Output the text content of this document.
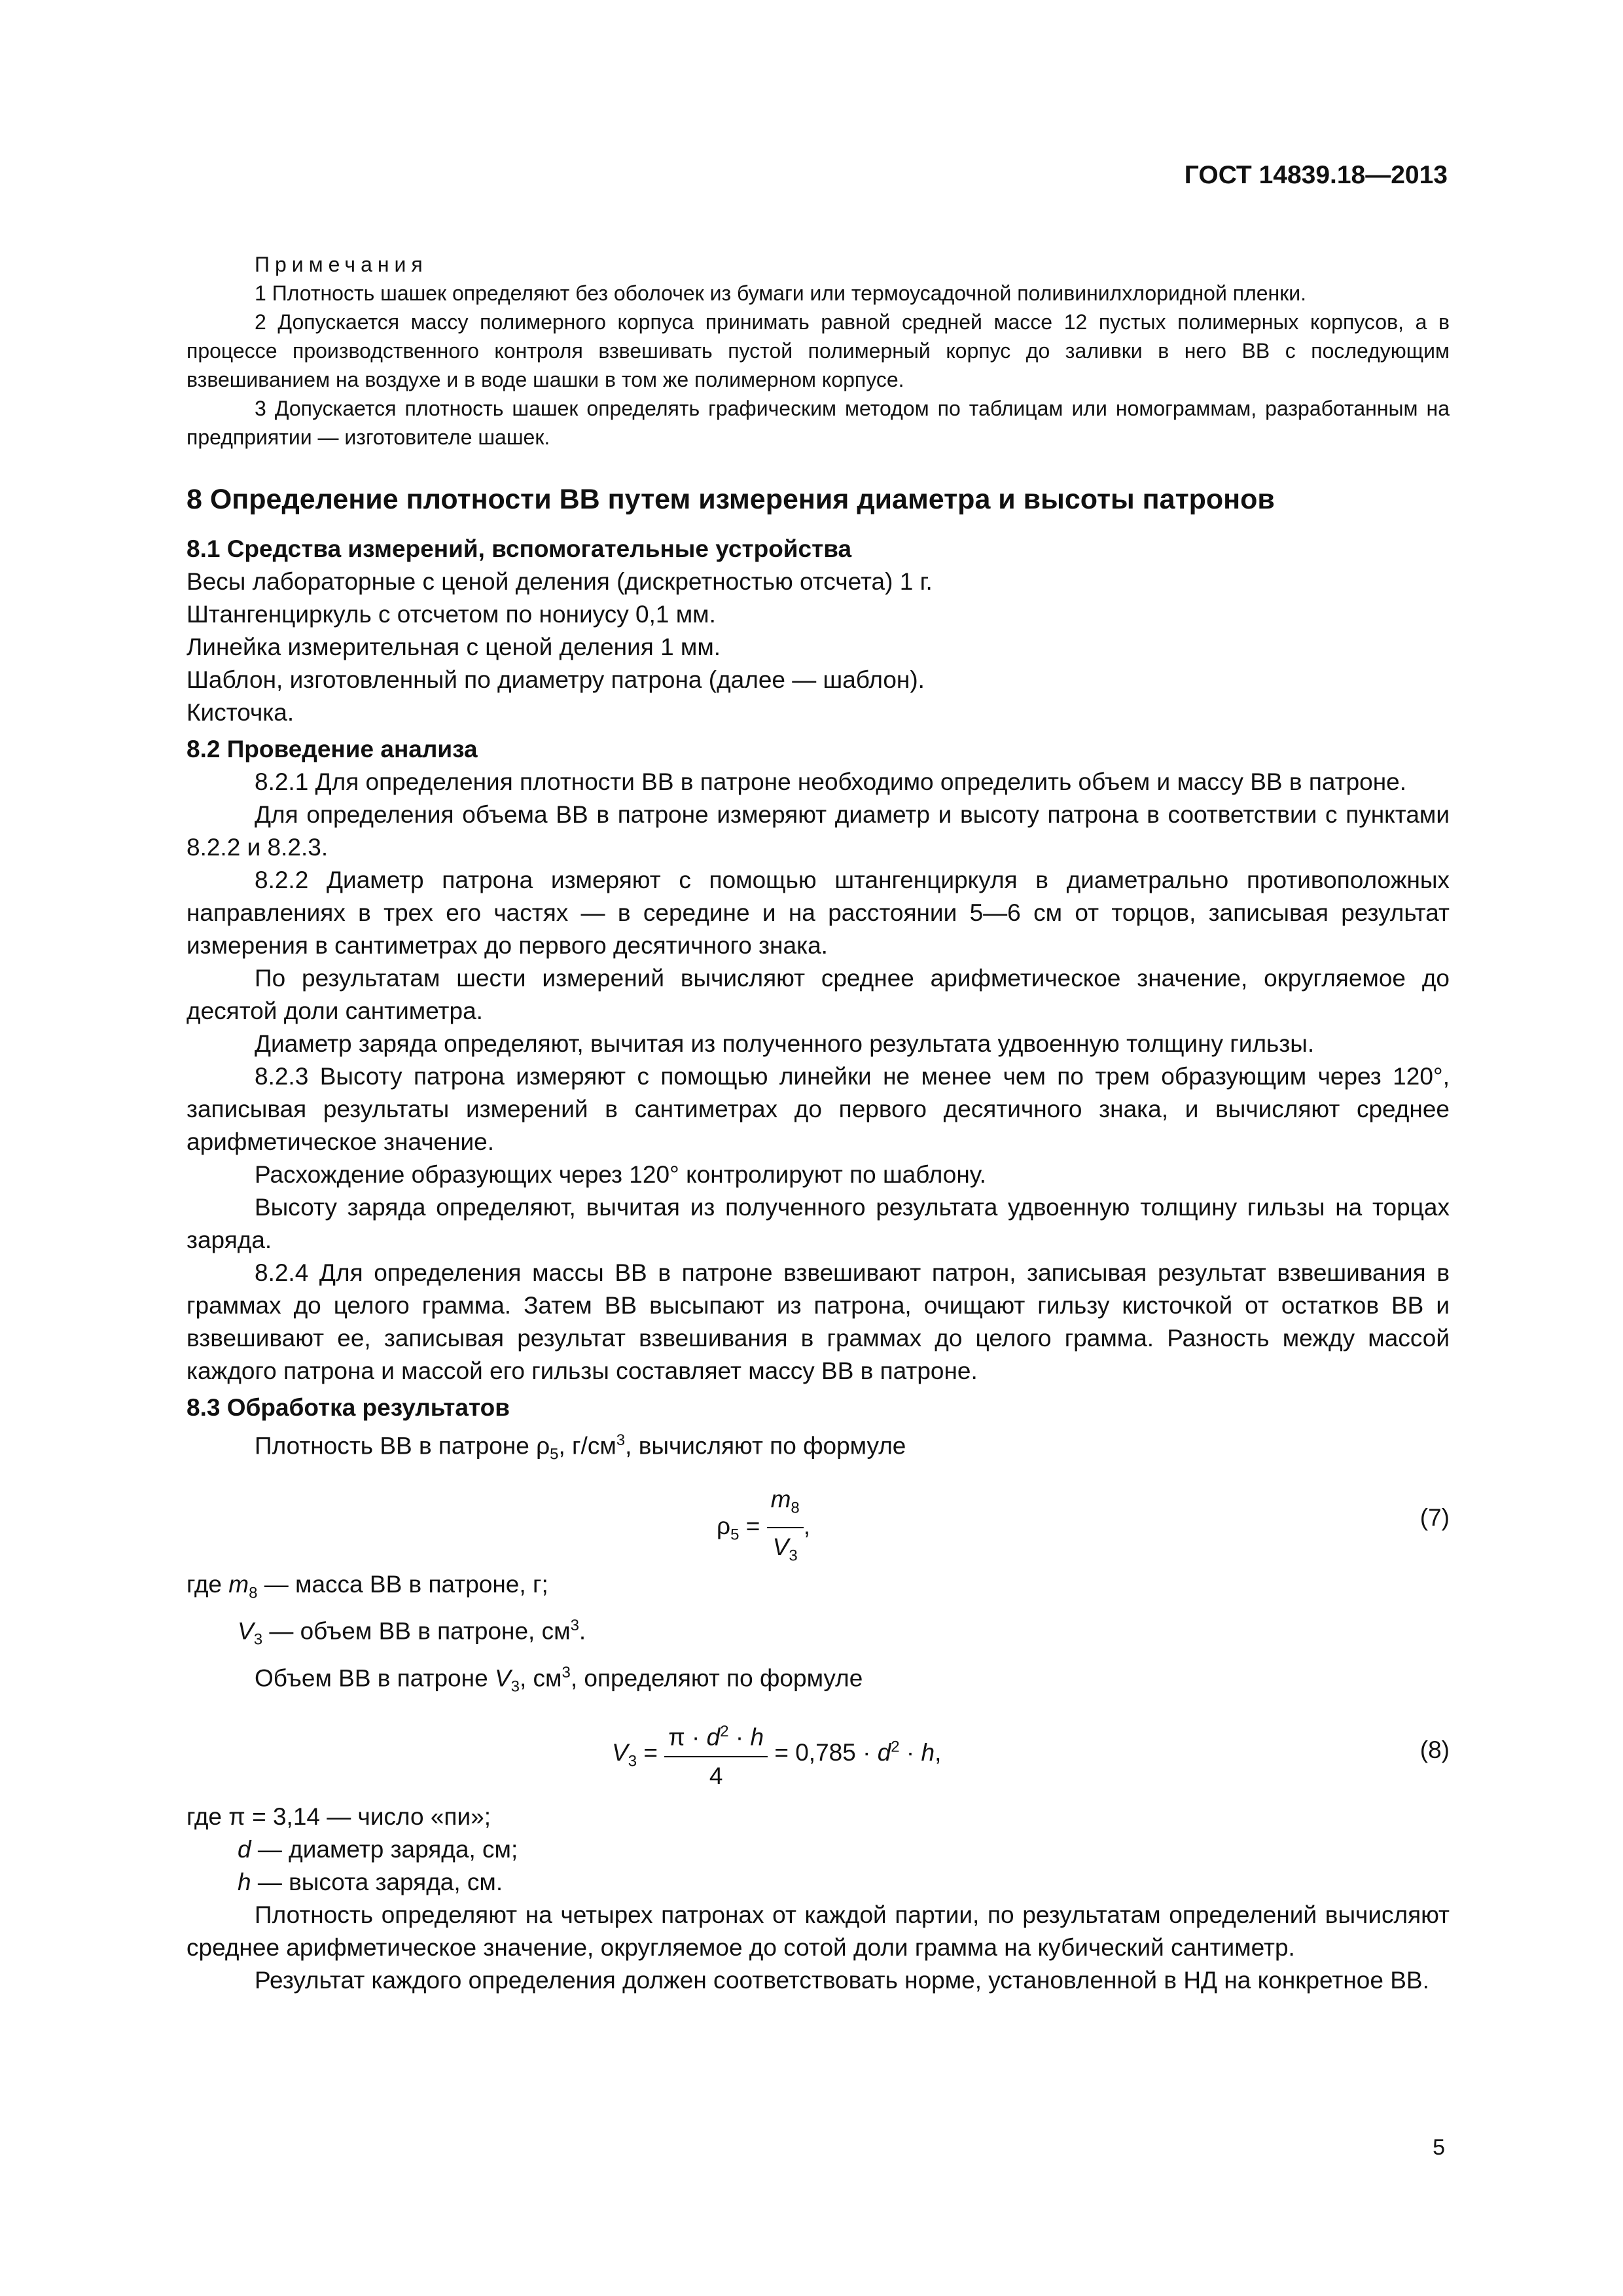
ГОСТ 14839.18—2013

Примечания

1 Плотность шашек определяют без оболочек из бумаги или термоусадочной поливинилхлоридной пленки.

2 Допускается массу полимерного корпуса принимать равной средней массе 12 пустых полимерных корпусов, а в процессе производственного контроля взвешивать пустой полимерный корпус до заливки в него ВВ с последующим взвешиванием на воздухе и в воде шашки в том же полимерном корпусе.

3 Допускается плотность шашек определять графическим методом по таблицам или номограммам, разработанным на предприятии — изготовителе шашек.

8 Определение плотности ВВ путем измерения диаметра и высоты патронов
8.1 Средства измерений, вспомогательные устройства

Весы лабораторные с ценой деления (дискретностью отсчета) 1 г.

Штангенциркуль с отсчетом по нониусу 0,1 мм.

Линейка измерительная с ценой деления 1 мм.

Шаблон, изготовленный по диаметру патрона (далее — шаблон).

Кисточка.

8.2 Проведение анализа

8.2.1 Для определения плотности ВВ в патроне необходимо определить объем и массу ВВ в патроне.

Для определения объема ВВ в патроне измеряют диаметр и высоту патрона в соответствии с пунктами 8.2.2 и 8.2.3.

8.2.2 Диаметр патрона измеряют с помощью штангенциркуля в диаметрально противоположных направлениях в трех его частях — в середине и на расстоянии 5—6 см от торцов, записывая результат измерения в сантиметрах до первого десятичного знака.

По результатам шести измерений вычисляют среднее арифметическое значение, округляемое до десятой доли сантиметра.

Диаметр заряда определяют, вычитая из полученного результата удвоенную толщину гильзы.

8.2.3 Высоту патрона измеряют с помощью линейки не менее чем по трем образующим через 120°, записывая результаты измерений в сантиметрах до первого десятичного знака, и вычисляют среднее арифметическое значение.

Расхождение образующих через 120° контролируют по шаблону.

Высоту заряда определяют, вычитая из полученного результата удвоенную толщину гильзы на торцах заряда.

8.2.4 Для определения массы ВВ в патроне взвешивают патрон, записывая результат взвешивания в граммах до целого грамма. Затем ВВ высыпают из патрона, очищают гильзу кисточкой от остатков ВВ и взвешивают ее, записывая результат взвешивания в граммах до целого грамма. Разность между массой каждого патрона и массой его гильзы составляет массу ВВ в патроне.

8.3 Обработка результатов

Плотность ВВ в патроне $\rho_5$, $г/см^3$, вычисляют по формуле

$\rho_5 = \frac{m_8}{V_3}$ ,	(7)

где $m_8$ — масса ВВ в патроне, г;

$V_3$ — объем ВВ в патроне, $см^3$.

Объем ВВ в патроне $V_3$, $см^3$, определяют по формуле

$V_3 = \frac{\pi \cdot d^2 \cdot h}{4} = 0,785 \cdot d^2 \cdot h$,	(8)

где π = 3,14 — число «пи»;

d — диаметр заряда, см;

h — высота заряда, см.

Плотность определяют на четырех патронах от каждой партии, по результатам определений вычисляют среднее арифметическое значение, округляемое до сотой доли грамма на кубический сантиметр.

Результат каждого определения должен соответствовать норме, установленной в НД на конкретное ВВ.

5
